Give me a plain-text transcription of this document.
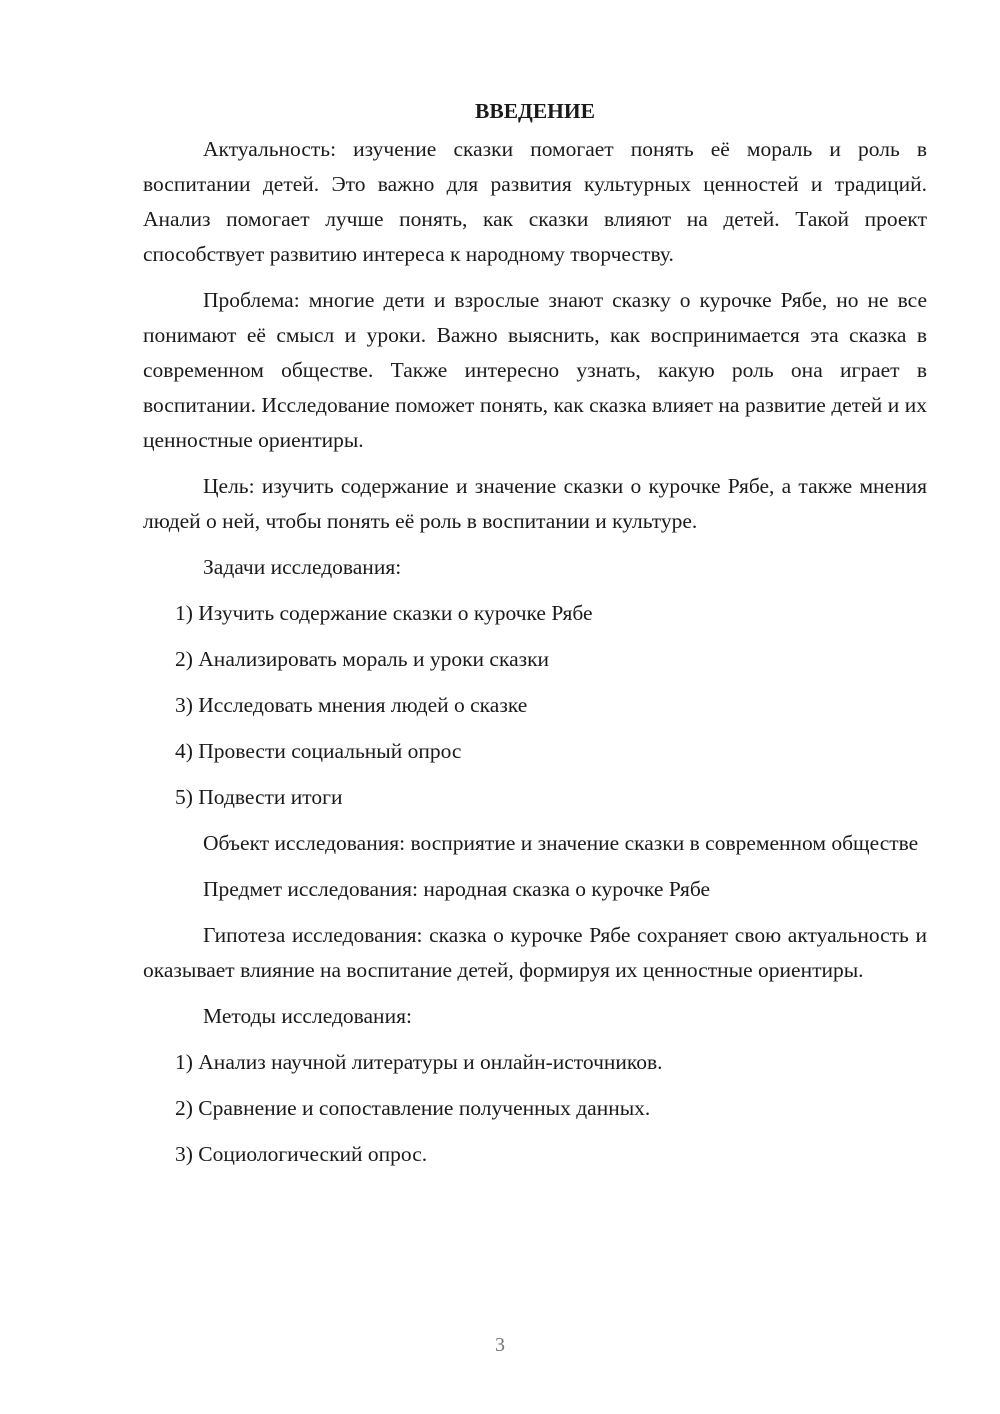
ВВЕДЕНИЕ

Актуальность: изучение сказки помогает понять её мораль и роль в воспитании детей. Это важно для развития культурных ценностей и традиций. Анализ помогает лучше понять, как сказки влияют на детей. Такой проект способствует развитию интереса к народному творчеству.

Проблема: многие дети и взрослые знают сказку о курочке Рябе, но не все понимают её смысл и уроки. Важно выяснить, как воспринимается эта сказка в современном обществе. Также интересно узнать, какую роль она играет в воспитании. Исследование поможет понять, как сказка влияет на развитие детей и их ценностные ориентиры.

Цель: изучить содержание и значение сказки о курочке Рябе, а также мнения людей о ней, чтобы понять её роль в воспитании и культуре.

Задачи исследования:

1) Изучить содержание сказки о курочке Рябе
2) Анализировать мораль и уроки сказки
3) Исследовать мнения людей о сказке
4) Провести социальный опрос
5) Подвести итоги

Объект исследования: восприятие и значение сказки в современном обществе

Предмет исследования: народная сказка о курочке Рябе

Гипотеза исследования: сказка о курочке Рябе сохраняет свою актуальность и оказывает влияние на воспитание детей, формируя их ценностные ориентиры.

Методы исследования:

1) Анализ научной литературы и онлайн-источников.
2) Сравнение и сопоставление полученных данных.
3) Социологический опрос.
3
